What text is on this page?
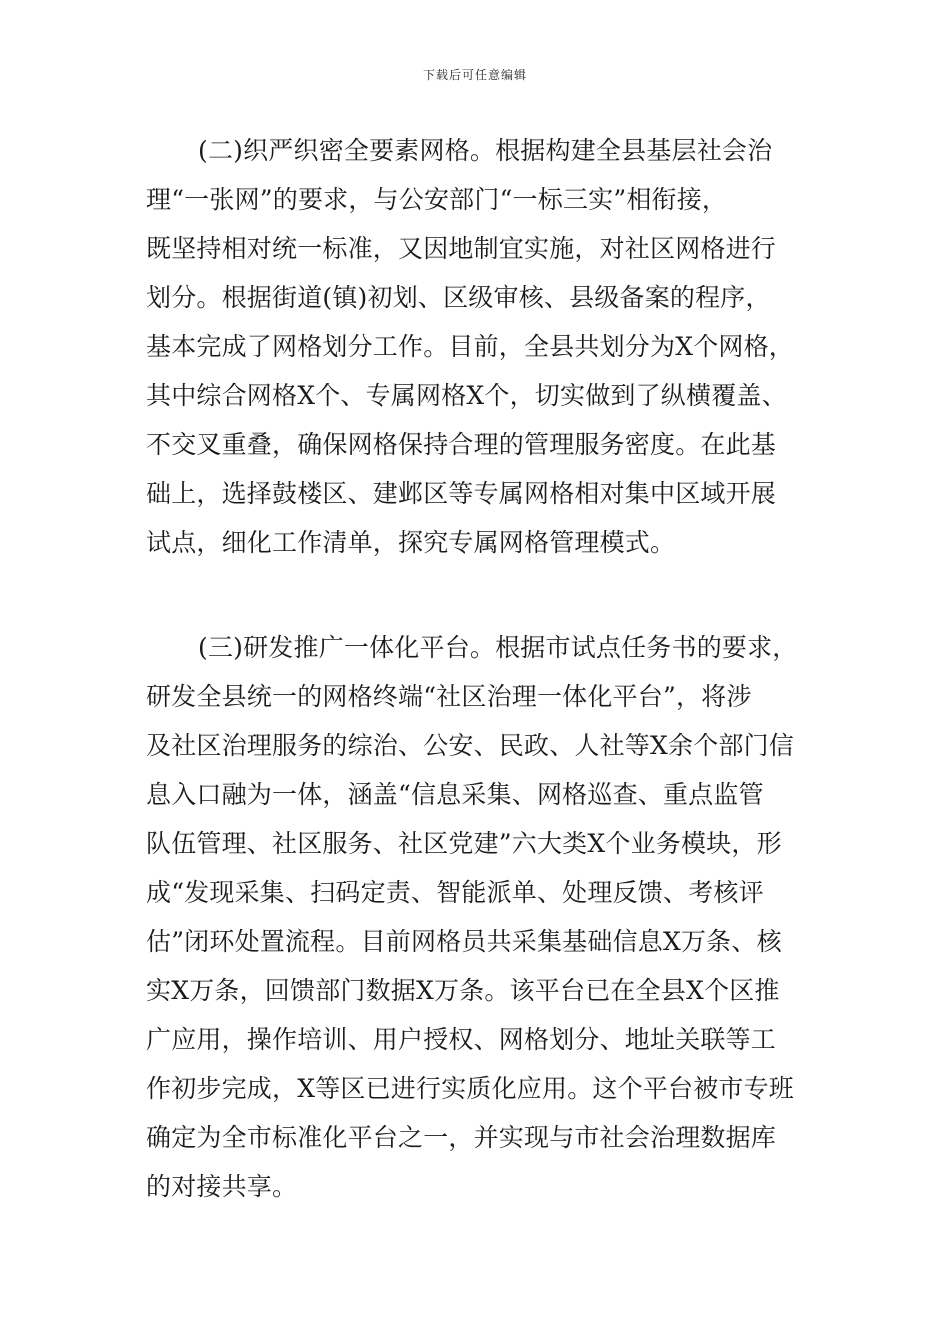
下载后可任意编辑
(二)织严织密全要素网格。根据构建全县基层社会治
理“一张网”的要求，与公安部门“一标三实”相衔接，
既坚持相对统一标准，又因地制宜实施，对社区网格进行
划分。根据街道(镇)初划、区级审核、县级备案的程序，
基本完成了网格划分工作。目前，全县共划分为X个网格，
其中综合网格X个、专属网格X个，切实做到了纵横覆盖、
不交叉重叠，确保网格保持合理的管理服务密度。在此基
础上，选择鼓楼区、建邺区等专属网格相对集中区域开展
试点，细化工作清单，探究专属网格管理模式。
(三)研发推广一体化平台。根据市试点任务书的要求，
研发全县统一的网格终端“社区治理一体化平台”，将涉
及社区治理服务的综治、公安、民政、人社等X余个部门信
息入口融为一体，涵盖“信息采集、网格巡查、重点监管
队伍管理、社区服务、社区党建”六大类X个业务模块，形
成“发现采集、扫码定责、智能派单、处理反馈、考核评
估”闭环处置流程。目前网格员共采集基础信息X万条、核
实X万条，回馈部门数据X万条。该平台已在全县X个区推
广应用，操作培训、用户授权、网格划分、地址关联等工
作初步完成，X等区已进行实质化应用。这个平台被市专班
确定为全市标准化平台之一，并实现与市社会治理数据库
的对接共享。
